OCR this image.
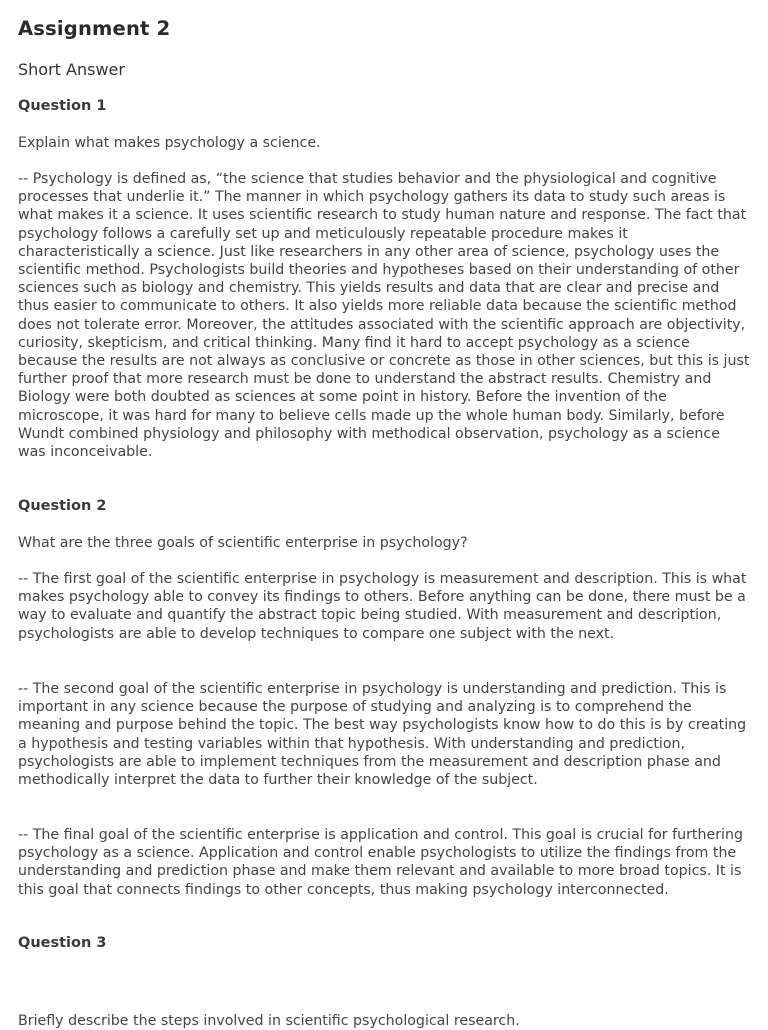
Assignment 2
Short Answer
Question 1

Explain what makes psychology a science.

-- Psychology is defined as, “the science that studies behavior and the physiological and cognitive processes that underlie it.” The manner in which psychology gathers its data to study such areas is what makes it a science. It uses scientific research to study human nature and response. The fact that psychology follows a carefully set up and meticulously repeatable procedure makes it characteristically a science. Just like researchers in any other area of science, psychology uses the scientific method. Psychologists build theories and hypotheses based on their understanding of other sciences such as biology and chemistry. This yields results and data that are clear and precise and thus easier to communicate to others. It also yields more reliable data because the scientific method does not tolerate error. Moreover, the attitudes associated with the scientific approach are objectivity, curiosity, skepticism, and critical thinking. Many find it hard to accept psychology as a science because the results are not always as conclusive or concrete as those in other sciences, but this is just further proof that more research must be done to understand the abstract results. Chemistry and Biology were both doubted as sciences at some point in history. Before the invention of the microscope, it was hard for many to believe cells made up the whole human body. Similarly, before Wundt combined physiology and philosophy with methodical observation, psychology as a science was inconceivable.

Question 2

What are the three goals of scientific enterprise in psychology?

-- The first goal of the scientific enterprise in psychology is measurement and description. This is what makes psychology able to convey its findings to others. Before anything can be done, there must be a way to evaluate and quantify the abstract topic being studied. With measurement and description, psychologists are able to develop techniques to compare one subject with the next.

-- The second goal of the scientific enterprise in psychology is understanding and prediction. This is important in any science because the purpose of studying and analyzing is to comprehend the meaning and purpose behind the topic. The best way psychologists know how to do this is by creating a hypothesis and testing variables within that hypothesis. With understanding and prediction, psychologists are able to implement techniques from the measurement and description phase and methodically interpret the data to further their knowledge of the subject.

-- The final goal of the scientific enterprise is application and control. This goal is crucial for furthering psychology as a science. Application and control enable psychologists to utilize the findings from the understanding and prediction phase and make them relevant and available to more broad topics. It is this goal that connects findings to other concepts, thus making psychology interconnected.

Question 3

Briefly describe the steps involved in scientific psychological research.
